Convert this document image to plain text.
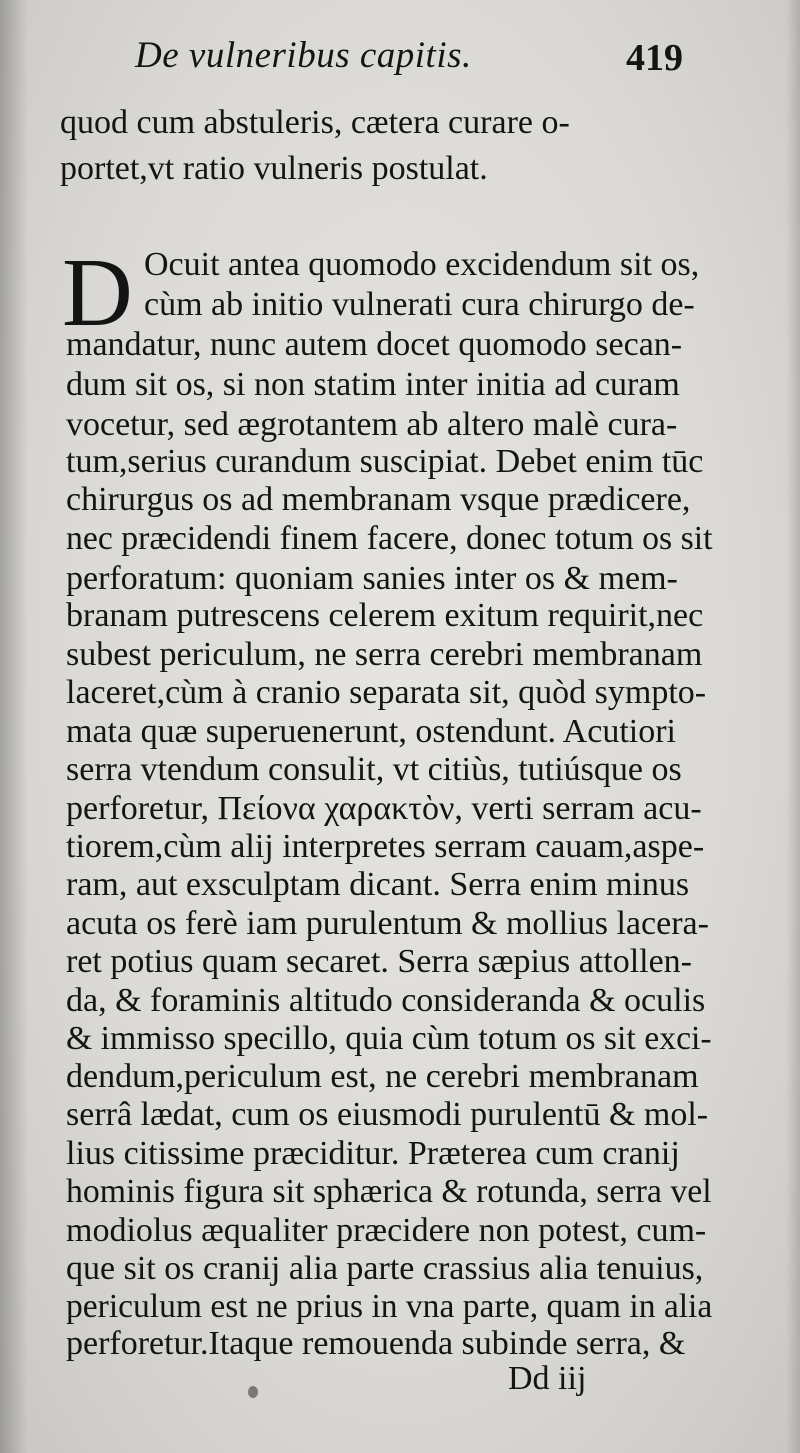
De vulneribus capitis.	419
quod cum abstuleris, cætera curare o-
portet,vt ratio vulneris postulat.
D Ocuit antea quomodo excidendum sit os,
cùm ab initio vulnerati cura chirurgo de-
mandatur, nunc autem docet quomodo secan-
dum sit os, si non statim inter initia ad curam
vocetur, sed ægrotantem ab altero malè cura-
tum,serius curandum suscipiat. Debet enim tūc
chirurgus os ad membranam vsque prædicere,
nec præcidendi finem facere, donec totum os sit
perforatum: quoniam sanies inter os & mem-
branam putrescens celerem exitum requirit,nec
subest periculum, ne serra cerebri membranam
laceret,cùm à cranio separata sit, quòd sympto-
mata quæ superuenerunt, ostendunt. Acutiori
serra vtendum consulit, vt citiùs, tutiúsque os
perforetur, Πείονα χαρακτὸν, verti serram acu-
tiorem,cùm alij interpretes serram cauam,aspe-
ram, aut exsculptam dicant. Serra enim minus
acuta os ferè iam purulentum & mollius lacera-
ret potius quam secaret. Serra sæpius attollen-
da, & foraminis altitudo consideranda & oculis
& immisso specillo, quia cùm totum os sit exci-
dendum,periculum est, ne cerebri membranam
serrâ lædat, cum os eiusmodi purulentū & mol-
lius citissime præciditur. Præterea cum cranij
hominis figura sit sphærica & rotunda, serra vel
modiolus æqualiter præcidere non potest, cum-
que sit os cranij alia parte crassius alia tenuius,
periculum est ne prius in vna parte, quam in alia
perforetur.Itaque remouenda subinde serra, &
Dd iij
